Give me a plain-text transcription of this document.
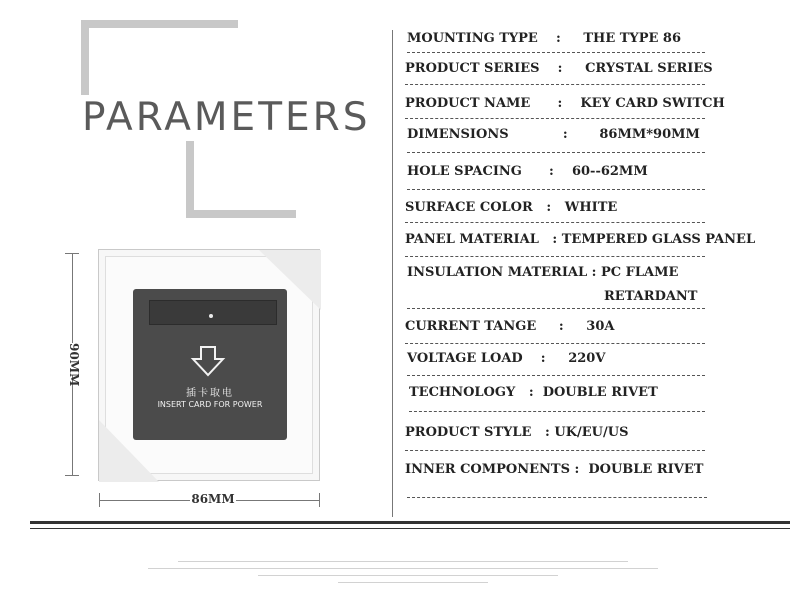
PARAMETERS
90MM
86MM
插卡取电
INSERT CARD FOR POWER
MOUNTING TYPE    :     THE TYPE 86
PRODUCT SERIES    :     CRYSTAL SERIES
PRODUCT NAME      :    KEY CARD SWITCH
DIMENSIONS            :       86MM*90MM
HOLE SPACING      :    60--62MM
SURFACE COLOR   :   WHITE
PANEL MATERIAL   : TEMPERED GLASS PANEL
INSULATION MATERIAL : PC FLAME
RETARDANT
CURRENT TANGE     :     30A
VOLTAGE LOAD    :     220V
TECHNOLOGY   :  DOUBLE RIVET
PRODUCT STYLE   : UK/EU/US
INNER COMPONENTS :  DOUBLE RIVET
